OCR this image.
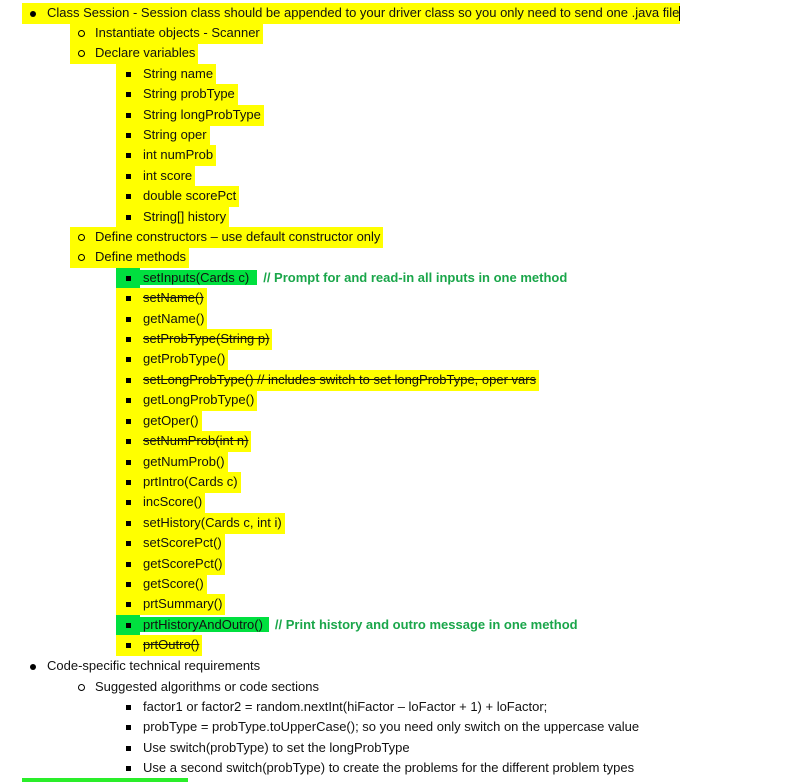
Class Session - Session class should be appended to your driver class so you only need to send one .java file
Instantiate objects - Scanner
Declare variables
String name
String probType
String longProbType
String oper
int numProb
int score
double scorePct
String[] history
Define constructors – use default constructor only
Define methods
setInputs(Cards c) // Prompt for and read-in all inputs in one method
setName()
getName()
setProbType(String p)
getProbType()
setLongProbType() // includes switch to set longProbType, oper vars
getLongProbType()
getOper()
setNumProb(int n)
getNumProb()
prtIntro(Cards c)
incScore()
setHistory(Cards c, int i)
setScorePct()
getScorePct()
getScore()
prtSummary()
prtHistoryAndOutro() // Print history and outro message in one method
prtOutro()
Code-specific technical requirements
Suggested algorithms or code sections
factor1 or factor2 = random.nextInt(hiFactor – loFactor + 1) + loFactor;
probType = probType.toUpperCase(); so you need only switch on the uppercase value
Use switch(probType) to set the longProbType
Use a second switch(probType) to create the problems for the different problem types
